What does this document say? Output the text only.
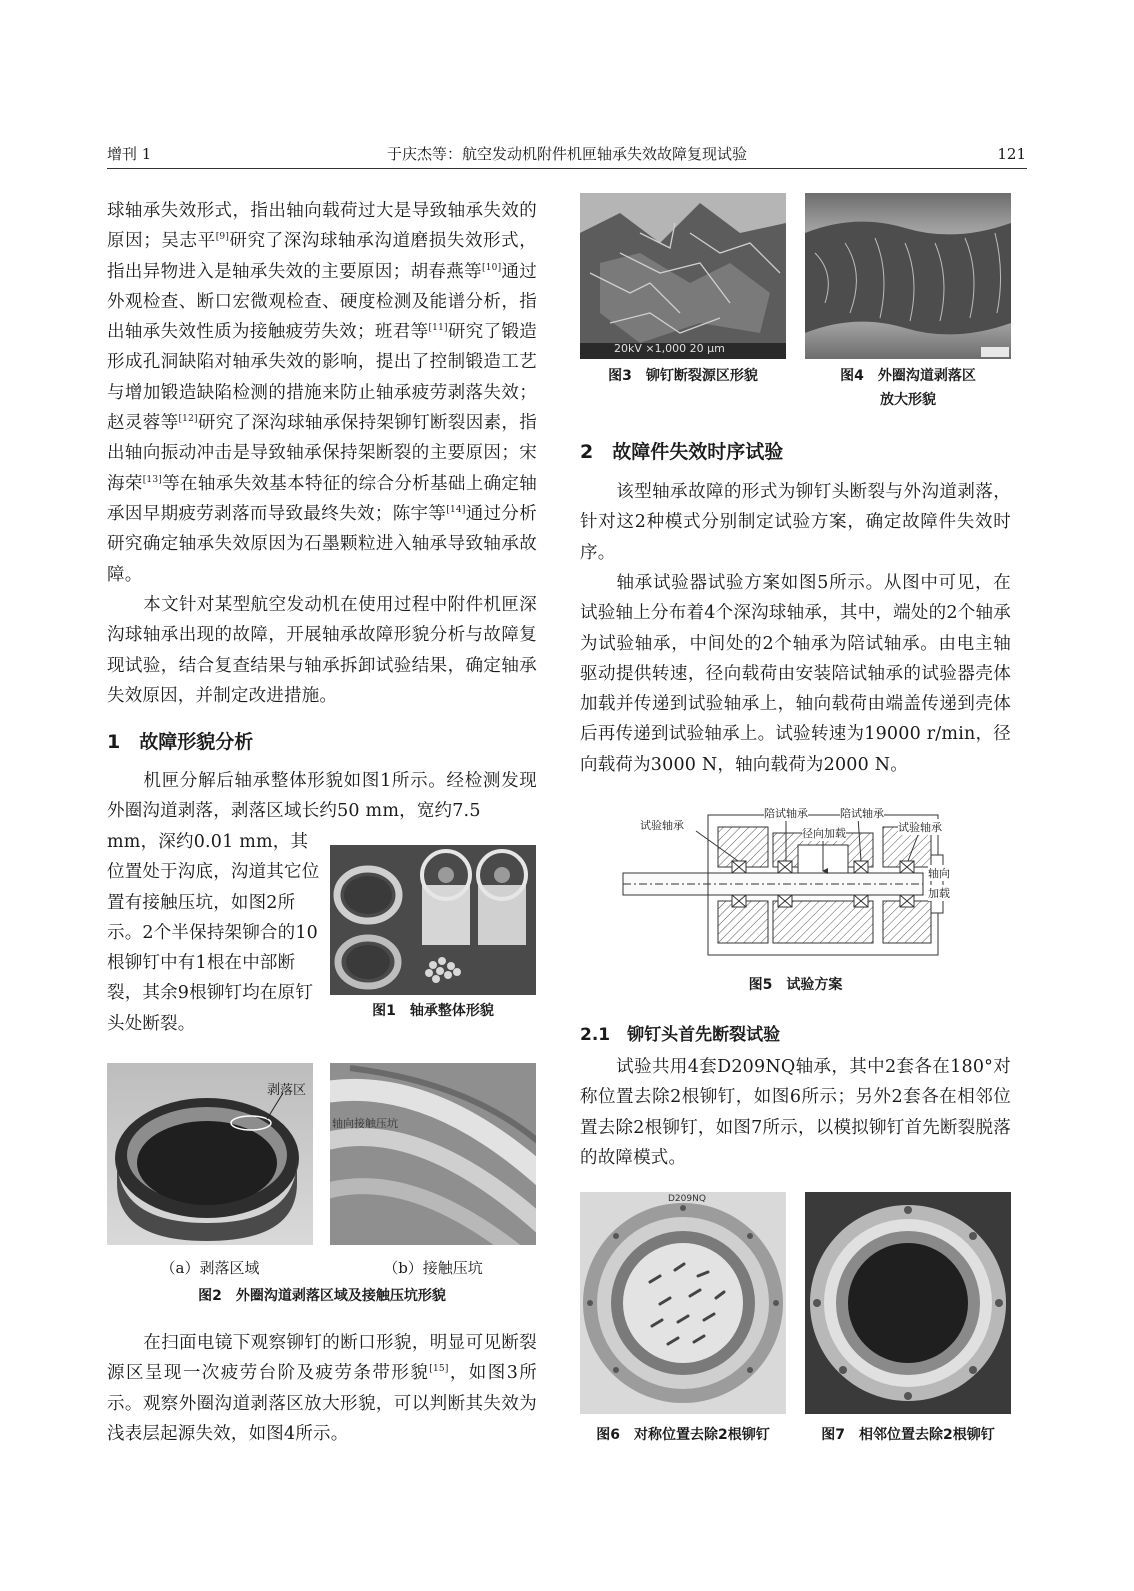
增刊 1	于庆杰等：航空发动机附件机匣轴承失效故障复现试验	121

球轴承失效形式，指出轴向载荷过大是导致轴承失效的原因；吴志平[9]研究了深沟球轴承沟道磨损失效形式，指出异物进入是轴承失效的主要原因；胡春燕等[10]通过外观检查、断口宏微观检查、硬度检测及能谱分析，指出轴承失效性质为接触疲劳失效；班君等[11]研究了锻造形成孔洞缺陷对轴承失效的影响，提出了控制锻造工艺与增加锻造缺陷检测的措施来防止轴承疲劳剥落失效；赵灵蓉等[12]研究了深沟球轴承保持架铆钉断裂因素，指出轴向振动冲击是导致轴承保持架断裂的主要原因；宋海荣[13]等在轴承失效基本特征的综合分析基础上确定轴承因早期疲劳剥落而导致最终失效；陈宇等[14]通过分析研究确定轴承失效原因为石墨颗粒进入轴承导致轴承故障。

本文针对某型航空发动机在使用过程中附件机匣深沟球轴承出现的故障，开展轴承故障形貌分析与故障复现试验，结合复查结果与轴承拆卸试验结果，确定轴承失效原因，并制定改进措施。

1　故障形貌分析

机匣分解后轴承整体形貌如图1所示。经检测发现外圈沟道剥落，剥落区域长约50 mm，宽约7.5

mm，深约0.01 mm，其位置处于沟底，沟道其它位置有接触压坑，如图2所示。2个半保持架铆合的10根铆钉中有1根在中部断裂，其余9根铆钉均在原钉头处断裂。

图1　轴承整体形貌
剥落区
轴向接触压坑
（a）剥落区域	（b）接触压坑
图2　外圈沟道剥落区域及接触压坑形貌

在扫面电镜下观察铆钉的断口形貌，明显可见断裂源区呈现一次疲劳台阶及疲劳条带形貌[15]，如图3所示。观察外圈沟道剥落区放大形貌，可以判断其失效为浅表层起源失效，如图4所示。

20kV ×1,000 20 μm
图3　铆钉断裂源区形貌	图4　外圈沟道剥落区
放大形貌
2　故障件失效时序试验

该型轴承故障的形式为铆钉头断裂与外沟道剥落，针对这2种模式分别制定试验方案，确定故障件失效时序。

轴承试验器试验方案如图5所示。从图中可见，在试验轴上分布着4个深沟球轴承，其中，端处的2个轴承为试验轴承，中间处的2个轴承为陪试轴承。由电主轴驱动提供转速，径向载荷由安装陪试轴承的试验器壳体加载并传递到试验轴承上，轴向载荷由端盖传递到壳体后再传递到试验轴承上。试验转速为19000 r/min，径向载荷为3000 N，轴向载荷为2000 N。

试验轴承
陪试轴承	陪试轴承
径向加载	试验轴承
轴向
加载
图5　试验方案
2.1　铆钉头首先断裂试验

试验共用4套D209NQ轴承，其中2套各在180°对称位置去除2根铆钉，如图6所示；另外2套各在相邻位置去除2根铆钉，如图7所示，以模拟铆钉首先断裂脱落的故障模式。

D209NQ
图6　对称位置去除2根铆钉	图7　相邻位置去除2根铆钉
